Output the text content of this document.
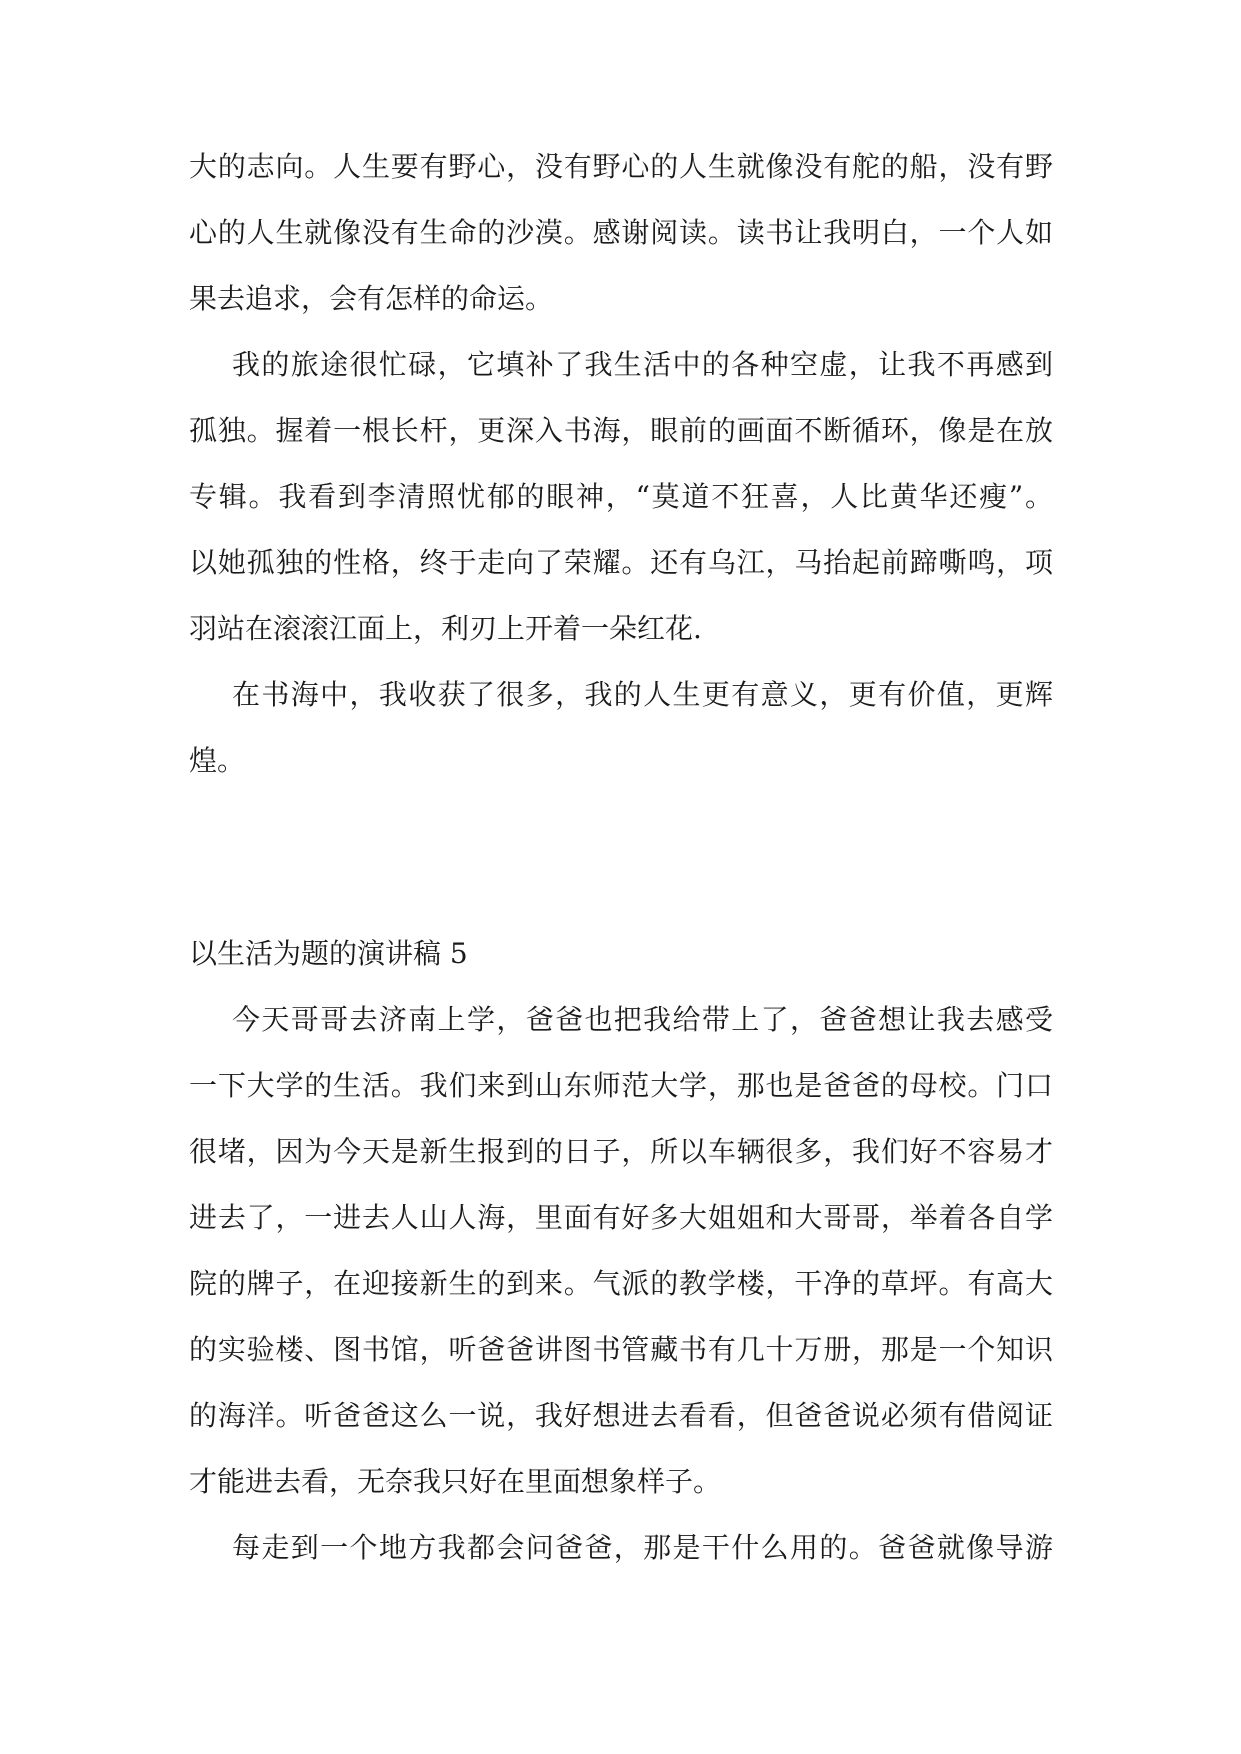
大的志向。人生要有野心，没有野心的人生就像没有舵的船，没有野
心的人生就像没有生命的沙漠。感谢阅读。读书让我明白，一个人如
果去追求，会有怎样的命运。
我的旅途很忙碌，它填补了我生活中的各种空虚，让我不再感到
孤独。握着一根长杆，更深入书海，眼前的画面不断循环，像是在放
专辑。我看到李清照忧郁的眼神，“莫道不狂喜，人比黄华还瘦”。
以她孤独的性格，终于走向了荣耀。还有乌江，马抬起前蹄嘶鸣，项
羽站在滚滚江面上，利刃上开着一朵红花.
在书海中，我收获了很多，我的人生更有意义，更有价值，更辉
煌。
以生活为题的演讲稿 5
今天哥哥去济南上学，爸爸也把我给带上了，爸爸想让我去感受
一下大学的生活。我们来到山东师范大学，那也是爸爸的母校。门口
很堵，因为今天是新生报到的日子，所以车辆很多，我们好不容易才
进去了，一进去人山人海，里面有好多大姐姐和大哥哥，举着各自学
院的牌子，在迎接新生的到来。气派的教学楼，干净的草坪。有高大
的实验楼、图书馆，听爸爸讲图书管藏书有几十万册，那是一个知识
的海洋。听爸爸这么一说，我好想进去看看，但爸爸说必须有借阅证
才能进去看，无奈我只好在里面想象样子。
每走到一个地方我都会问爸爸，那是干什么用的。爸爸就像导游
